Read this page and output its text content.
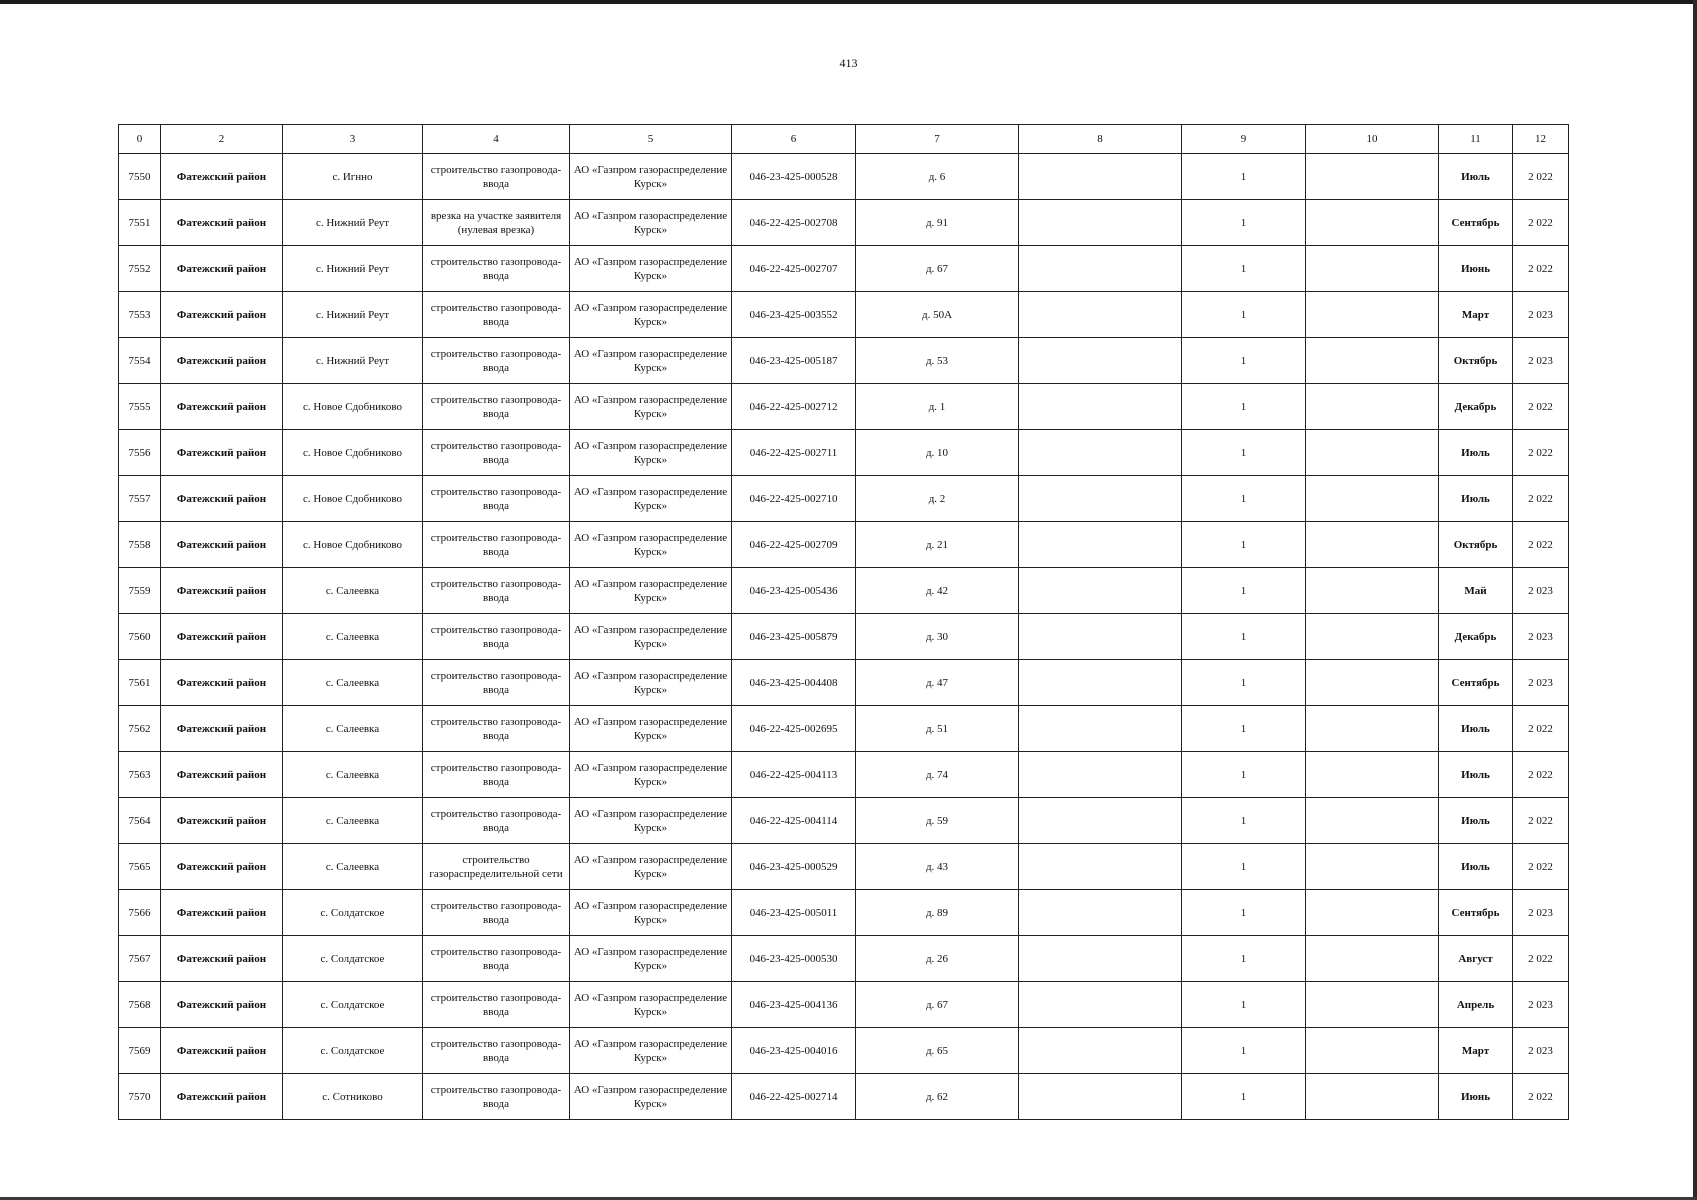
413
0	2	3	4	5	6	7	8	9	10	11	12
7550	Фатежский район	с. Игнно	строительство газопровода-ввода	АО «Газпром газораспределение Курск»	046-23-425-000528	д. 6		1		Июль	2 022
7551	Фатежский район	с. Нижний Реут	врезка на участке заявителя (нулевая врезка)	АО «Газпром газораспределение Курск»	046-22-425-002708	д. 91		1		Сентябрь	2 022
7552	Фатежский район	с. Нижний Реут	строительство газопровода-ввода	АО «Газпром газораспределение Курск»	046-22-425-002707	д. 67		1		Июнь	2 022
7553	Фатежский район	с. Нижний Реут	строительство газопровода-ввода	АО «Газпром газораспределение Курск»	046-23-425-003552	д. 50А		1		Март	2 023
7554	Фатежский район	с. Нижний Реут	строительство газопровода-ввода	АО «Газпром газораспределение Курск»	046-23-425-005187	д. 53		1		Октябрь	2 023
7555	Фатежский район	с. Новое Сдобниково	строительство газопровода-ввода	АО «Газпром газораспределение Курск»	046-22-425-002712	д. 1		1		Декабрь	2 022
7556	Фатежский район	с. Новое Сдобниково	строительство газопровода-ввода	АО «Газпром газораспределение Курск»	046-22-425-002711	д. 10		1		Июль	2 022
7557	Фатежский район	с. Новое Сдобниково	строительство газопровода-ввода	АО «Газпром газораспределение Курск»	046-22-425-002710	д. 2		1		Июль	2 022
7558	Фатежский район	с. Новое Сдобниково	строительство газопровода-ввода	АО «Газпром газораспределение Курск»	046-22-425-002709	д. 21		1		Октябрь	2 022
7559	Фатежский район	с. Салеевка	строительство газопровода-ввода	АО «Газпром газораспределение Курск»	046-23-425-005436	д. 42		1		Май	2 023
7560	Фатежский район	с. Салеевка	строительство газопровода-ввода	АО «Газпром газораспределение Курск»	046-23-425-005879	д. 30		1		Декабрь	2 023
7561	Фатежский район	с. Салеевка	строительство газопровода-ввода	АО «Газпром газораспределение Курск»	046-23-425-004408	д. 47		1		Сентябрь	2 023
7562	Фатежский район	с. Салеевка	строительство газопровода-ввода	АО «Газпром газораспределение Курск»	046-22-425-002695	д. 51		1		Июль	2 022
7563	Фатежский район	с. Салеевка	строительство газопровода-ввода	АО «Газпром газораспределение Курск»	046-22-425-004113	д. 74		1		Июль	2 022
7564	Фатежский район	с. Салеевка	строительство газопровода-ввода	АО «Газпром газораспределение Курск»	046-22-425-004114	д. 59		1		Июль	2 022
7565	Фатежский район	с. Салеевка	строительство газораспределительной сети	АО «Газпром газораспределение Курск»	046-23-425-000529	д. 43		1		Июль	2 022
7566	Фатежский район	с. Солдатское	строительство газопровода-ввода	АО «Газпром газораспределение Курск»	046-23-425-005011	д. 89		1		Сентябрь	2 023
7567	Фатежский район	с. Солдатское	строительство газопровода-ввода	АО «Газпром газораспределение Курск»	046-23-425-000530	д. 26		1		Август	2 022
7568	Фатежский район	с. Солдатское	строительство газопровода-ввода	АО «Газпром газораспределение Курск»	046-23-425-004136	д. 67		1		Апрель	2 023
7569	Фатежский район	с. Солдатское	строительство газопровода-ввода	АО «Газпром газораспределение Курск»	046-23-425-004016	д. 65		1		Март	2 023
7570	Фатежский район	с. Сотниково	строительство газопровода-ввода	АО «Газпром газораспределение Курск»	046-22-425-002714	д. 62		1		Июнь	2 022
